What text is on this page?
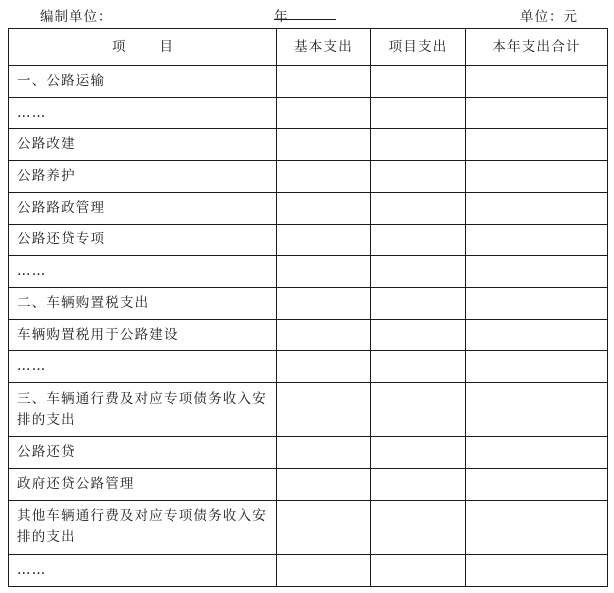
编制单位：	年	单位：元
项 目	基本支出	项目支出	本年支出合计
一、公路运输			
……			
公路改建			
公路养护			
公路路政管理			
公路还贷专项			
……			
二、车辆购置税支出			
车辆购置税用于公路建设			
……			
三、车辆通行费及对应专项债务收入安排的支出			
公路还贷			
政府还贷公路管理			
其他车辆通行费及对应专项债务收入安排的支出			
……			
